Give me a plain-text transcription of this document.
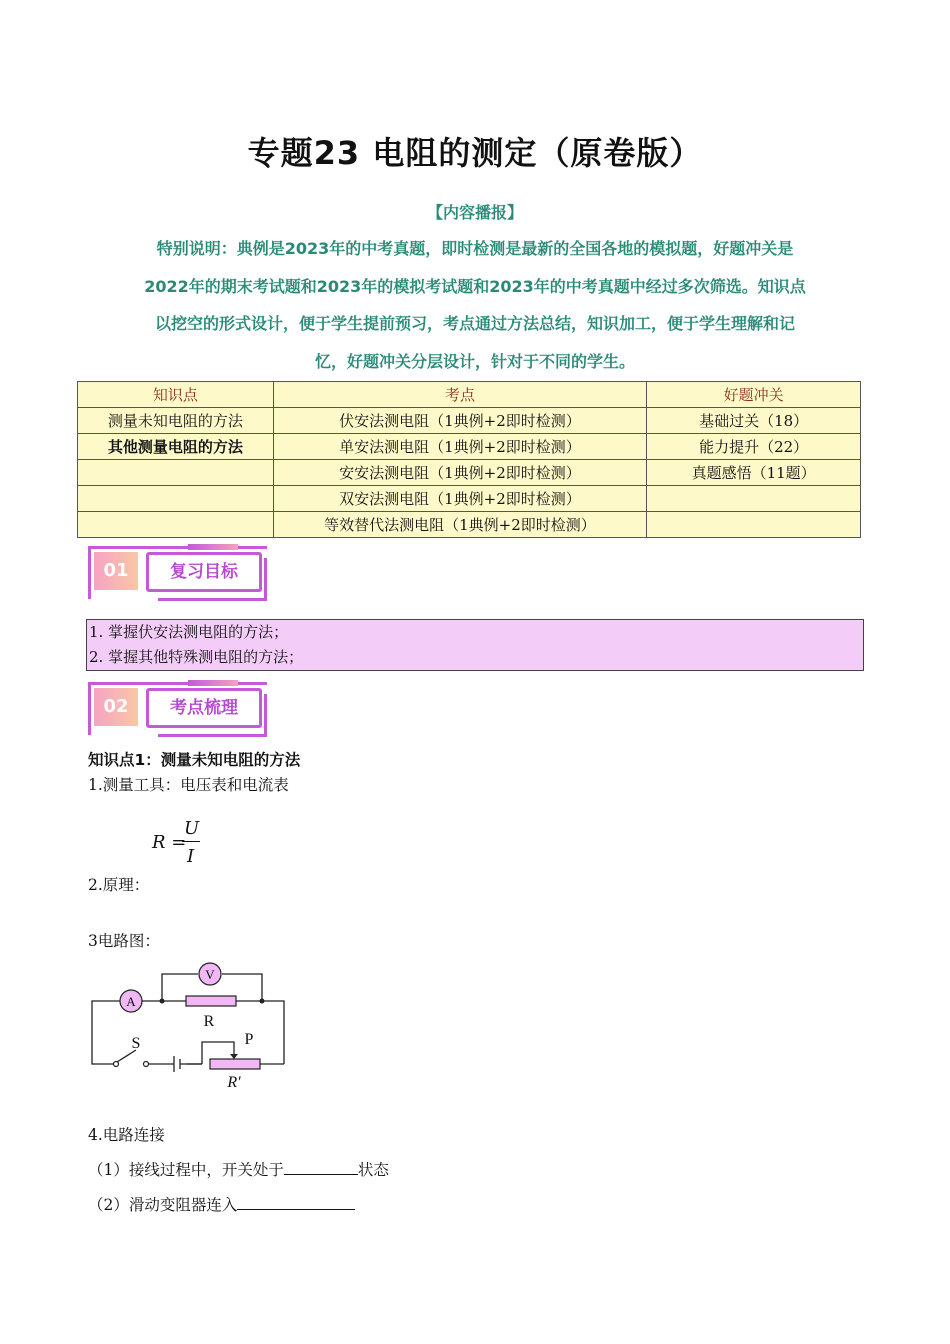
专题23 电阻的测定（原卷版）
【内容播报】
特别说明：典例是2023年的中考真题，即时检测是最新的全国各地的模拟题，好题冲关是
2022年的期末考试题和2023年的模拟考试题和2023年的中考真题中经过多次筛选。知识点
以挖空的形式设计，便于学生提前预习，考点通过方法总结，知识加工，便于学生理解和记
忆，好题冲关分层设计，针对于不同的学生。
知识点	考点	好题冲关
测量未知电阻的方法	伏安法测电阻（1典例+2即时检测）	基础过关（18）
其他测量电阻的方法	单安法测电阻（1典例+2即时检测）	能力提升（22）
	安安法测电阻（1典例+2即时检测）	真题感悟（11题）
	双安法测电阻（1典例+2即时检测）	
	等效替代法测电阻（1典例+2即时检测）	
01	复习目标
1. 掌握伏安法测电阻的方法；
2. 掌握其他特殊测电阻的方法；
02	考点梳理
知识点1：测量未知电阻的方法
1.测量工具：电压表和电流表
R =
U
I
2.原理：
3电路图：
A
V
R
S	P
R′
4.电路连接
（1）接线过程中，开关处于	状态
（2）滑动变阻器连入
